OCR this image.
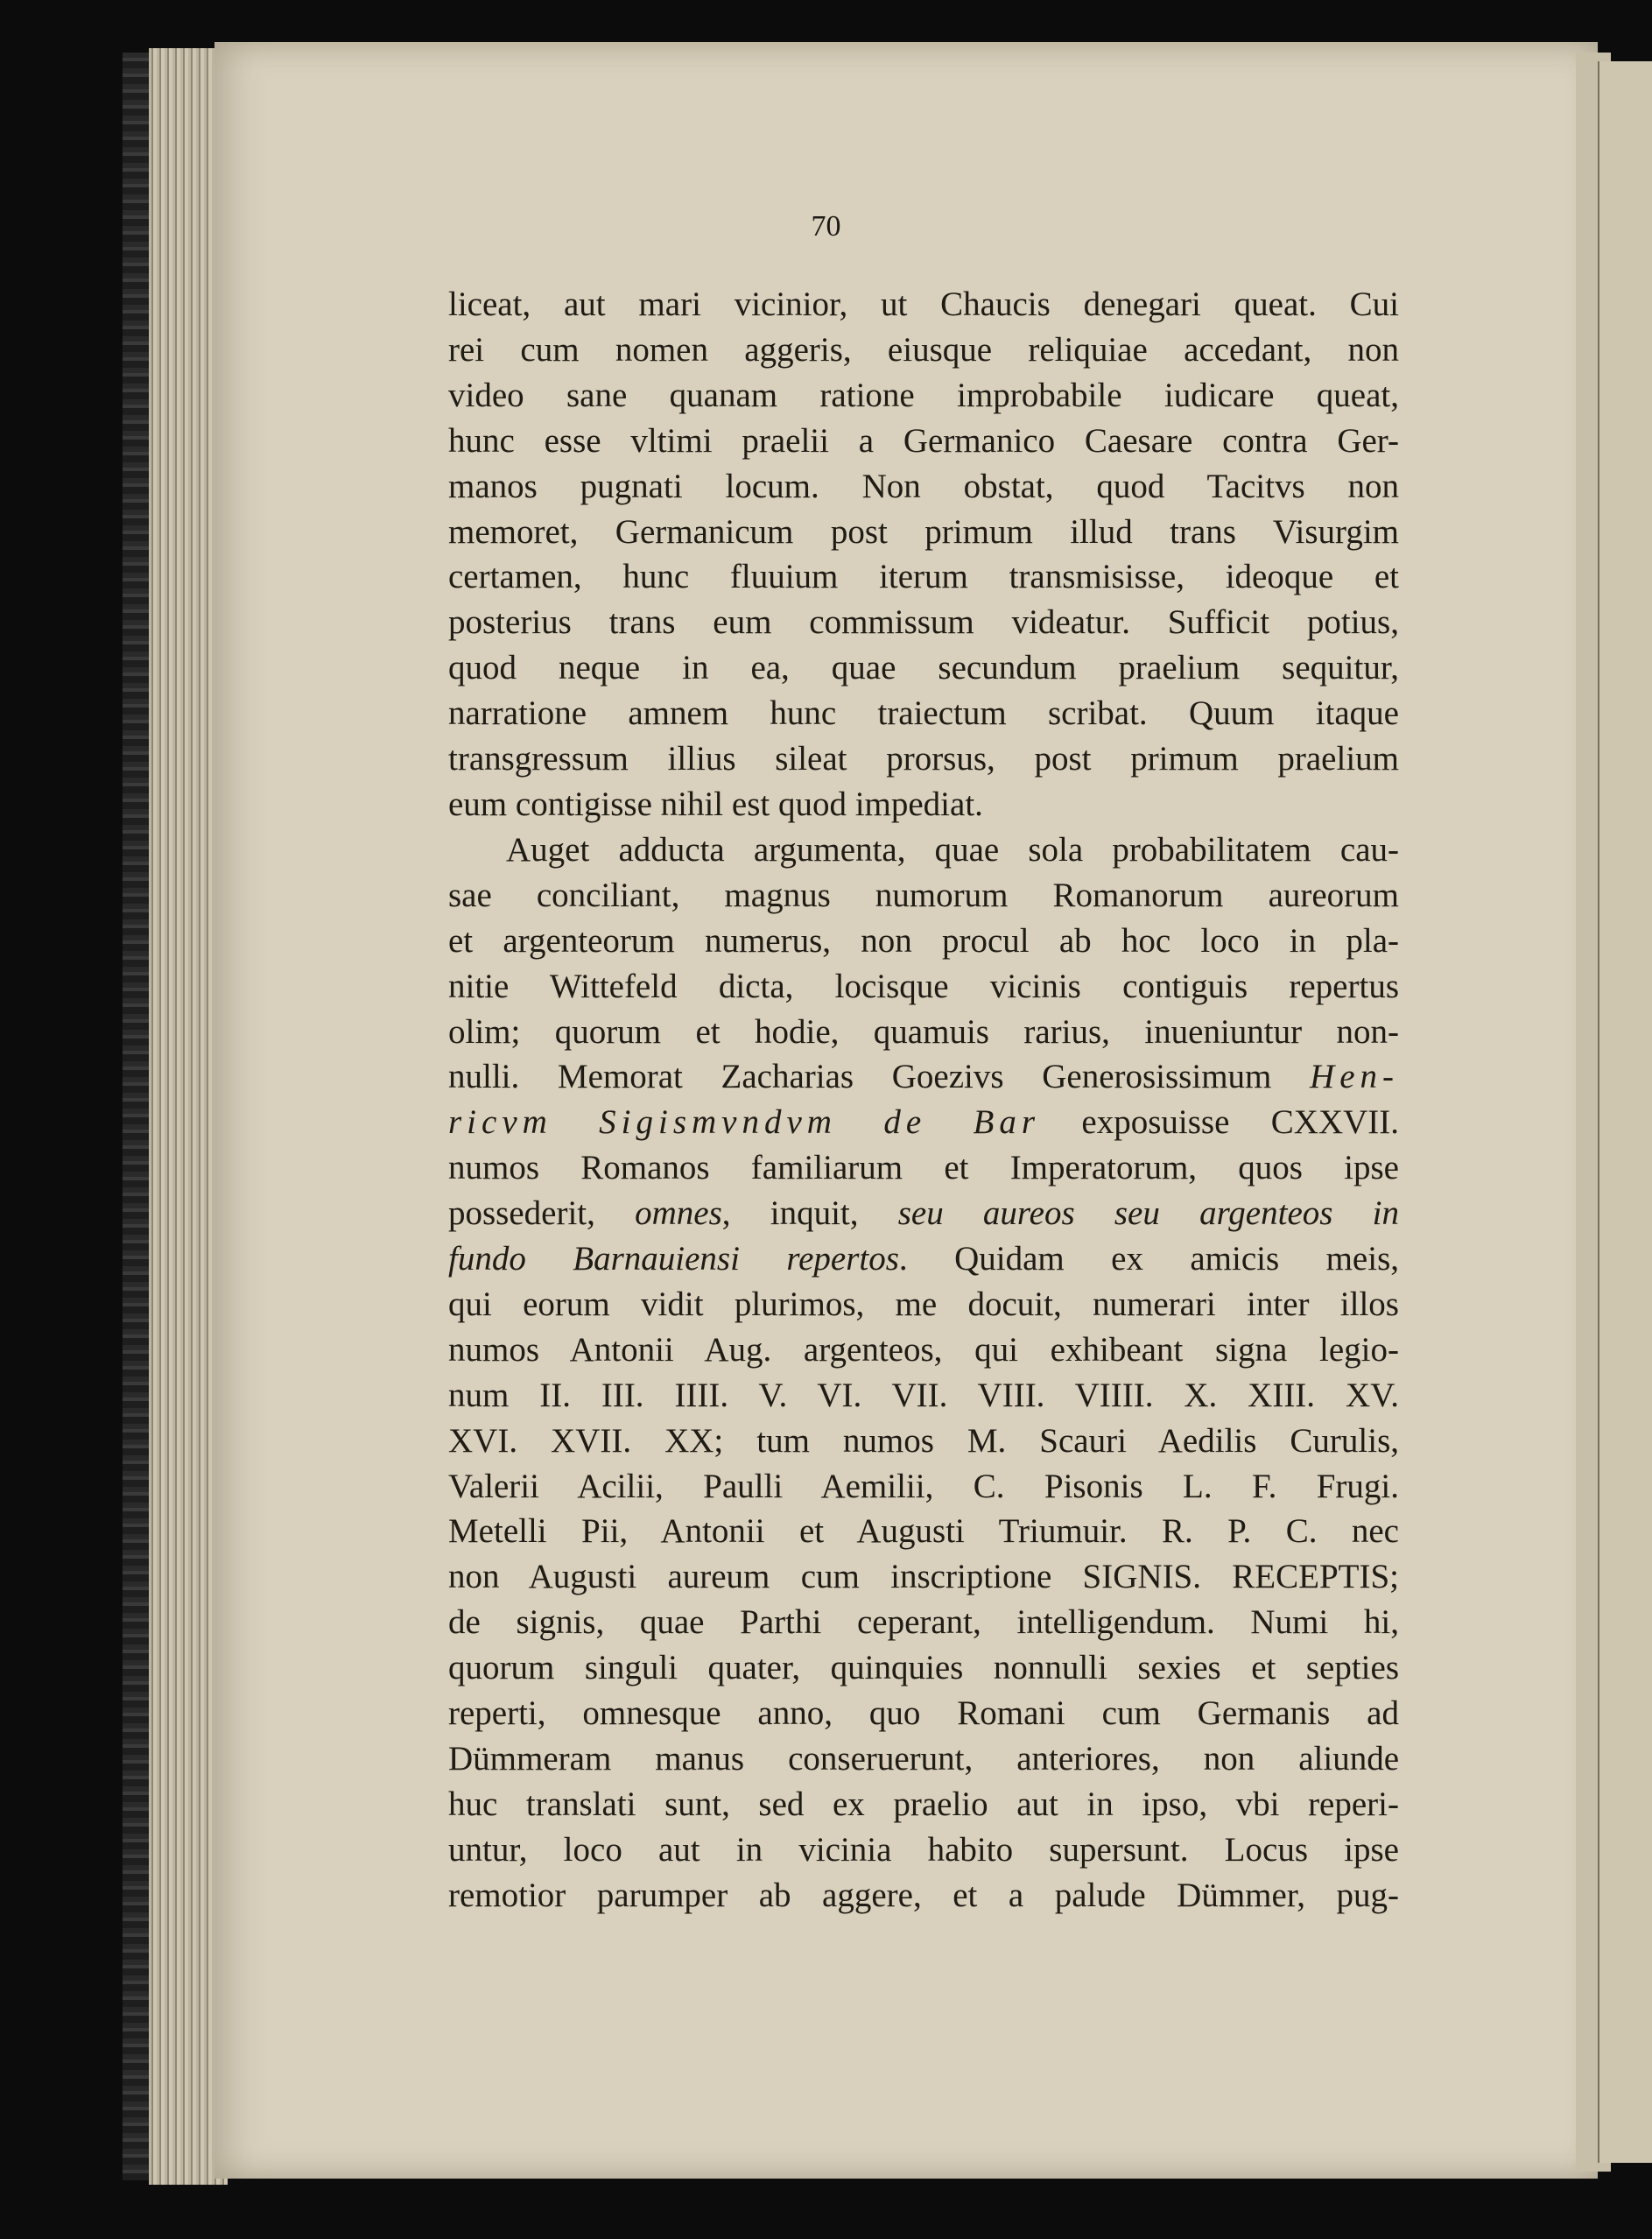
70
liceat, aut mari vicinior, ut Chaucis denegari queat. Cui
rei cum nomen aggeris, eiusque reliquiae accedant, non
video sane quanam ratione improbabile iudicare queat,
hunc esse vltimi praelii a Germanico Caesare contra Ger-
manos pugnati locum. Non obstat, quod Tacitvs non
memoret, Germanicum post primum illud trans Visurgim
certamen, hunc fluuium iterum transmisisse, ideoque et
posterius trans eum commissum videatur. Sufficit potius,
quod neque in ea, quae secundum praelium sequitur,
narratione amnem hunc traiectum scribat. Quum itaque
transgressum illius sileat prorsus, post primum praelium
eum contigisse nihil est quod impediat.
Auget adducta argumenta, quae sola probabilitatem cau-
sae conciliant, magnus numorum Romanorum aureorum
et argenteorum numerus, non procul ab hoc loco in pla-
nitie Wittefeld dicta, locisque vicinis contiguis repertus
olim; quorum et hodie, quamuis rarius, inueniuntur non-
nulli. Memorat Zacharias Goezivs Generosissimum Hen-
ricvm Sigismvndvm de Bar exposuisse CXXVII.
numos Romanos familiarum et Imperatorum, quos ipse
possederit, omnes, inquit, seu aureos seu argenteos in
fundo Barnauiensi repertos. Quidam ex amicis meis,
qui eorum vidit plurimos, me docuit, numerari inter illos
numos Antonii Aug. argenteos, qui exhibeant signa legio-
num II. III. IIII. V. VI. VII. VIII. VIIII. X. XIII. XV.
XVI. XVII. XX; tum numos M. Scauri Aedilis Curulis,
Valerii Acilii, Paulli Aemilii, C. Pisonis L. F. Frugi.
Metelli Pii, Antonii et Augusti Triumuir. R. P. C. nec
non Augusti aureum cum inscriptione SIGNIS. RECEPTIS;
de signis, quae Parthi ceperant, intelligendum. Numi hi,
quorum singuli quater, quinquies nonnulli sexies et septies
reperti, omnesque anno, quo Romani cum Germanis ad
Dümmeram manus conseruerunt, anteriores, non aliunde
huc translati sunt, sed ex praelio aut in ipso, vbi reperi-
untur, loco aut in vicinia habito supersunt. Locus ipse
remotior parumper ab aggere, et a palude Dümmer, pug-
